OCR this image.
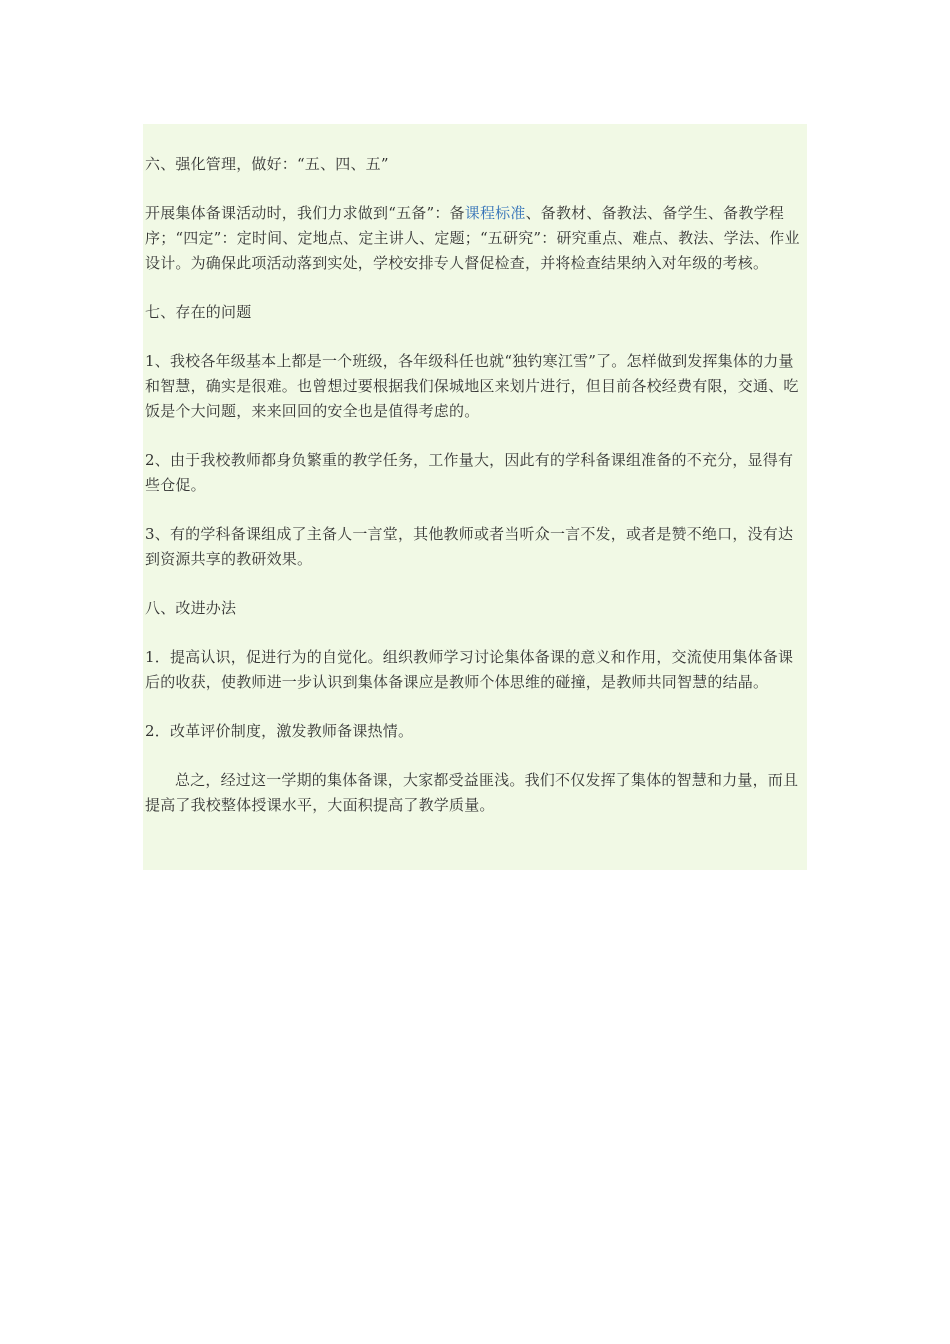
六、强化管理，做好：“五、四、五”

开展集体备课活动时，我们力求做到“五备”：备课程标准、备教材、备教法、备学生、备教学程序；“四定”：定时间、定地点、定主讲人、定题；“五研究”：研究重点、难点、教法、学法、作业设计。为确保此项活动落到实处，学校安排专人督促检查，并将检查结果纳入对年级的考核。

七、存在的问题

1、我校各年级基本上都是一个班级，各年级科任也就“独钓寒江雪”了。怎样做到发挥集体的力量和智慧，确实是很难。也曾想过要根据我们保城地区来划片进行，但目前各校经费有限，交通、吃饭是个大问题，来来回回的安全也是值得考虑的。

2、由于我校教师都身负繁重的教学任务，工作量大，因此有的学科备课组准备的不充分，显得有些仓促。

3、有的学科备课组成了主备人一言堂，其他教师或者当听众一言不发，或者是赞不绝口，没有达到资源共享的教研效果。

八、改进办法

1．提高认识，促进行为的自觉化。组织教师学习讨论集体备课的意义和作用，交流使用集体备课后的收获，使教师进一步认识到集体备课应是教师个体思维的碰撞，是教师共同智慧的结晶。

2．改革评价制度，激发教师备课热情。

总之，经过这一学期的集体备课，大家都受益匪浅。我们不仅发挥了集体的智慧和力量，而且提高了我校整体授课水平，大面积提高了教学质量。
